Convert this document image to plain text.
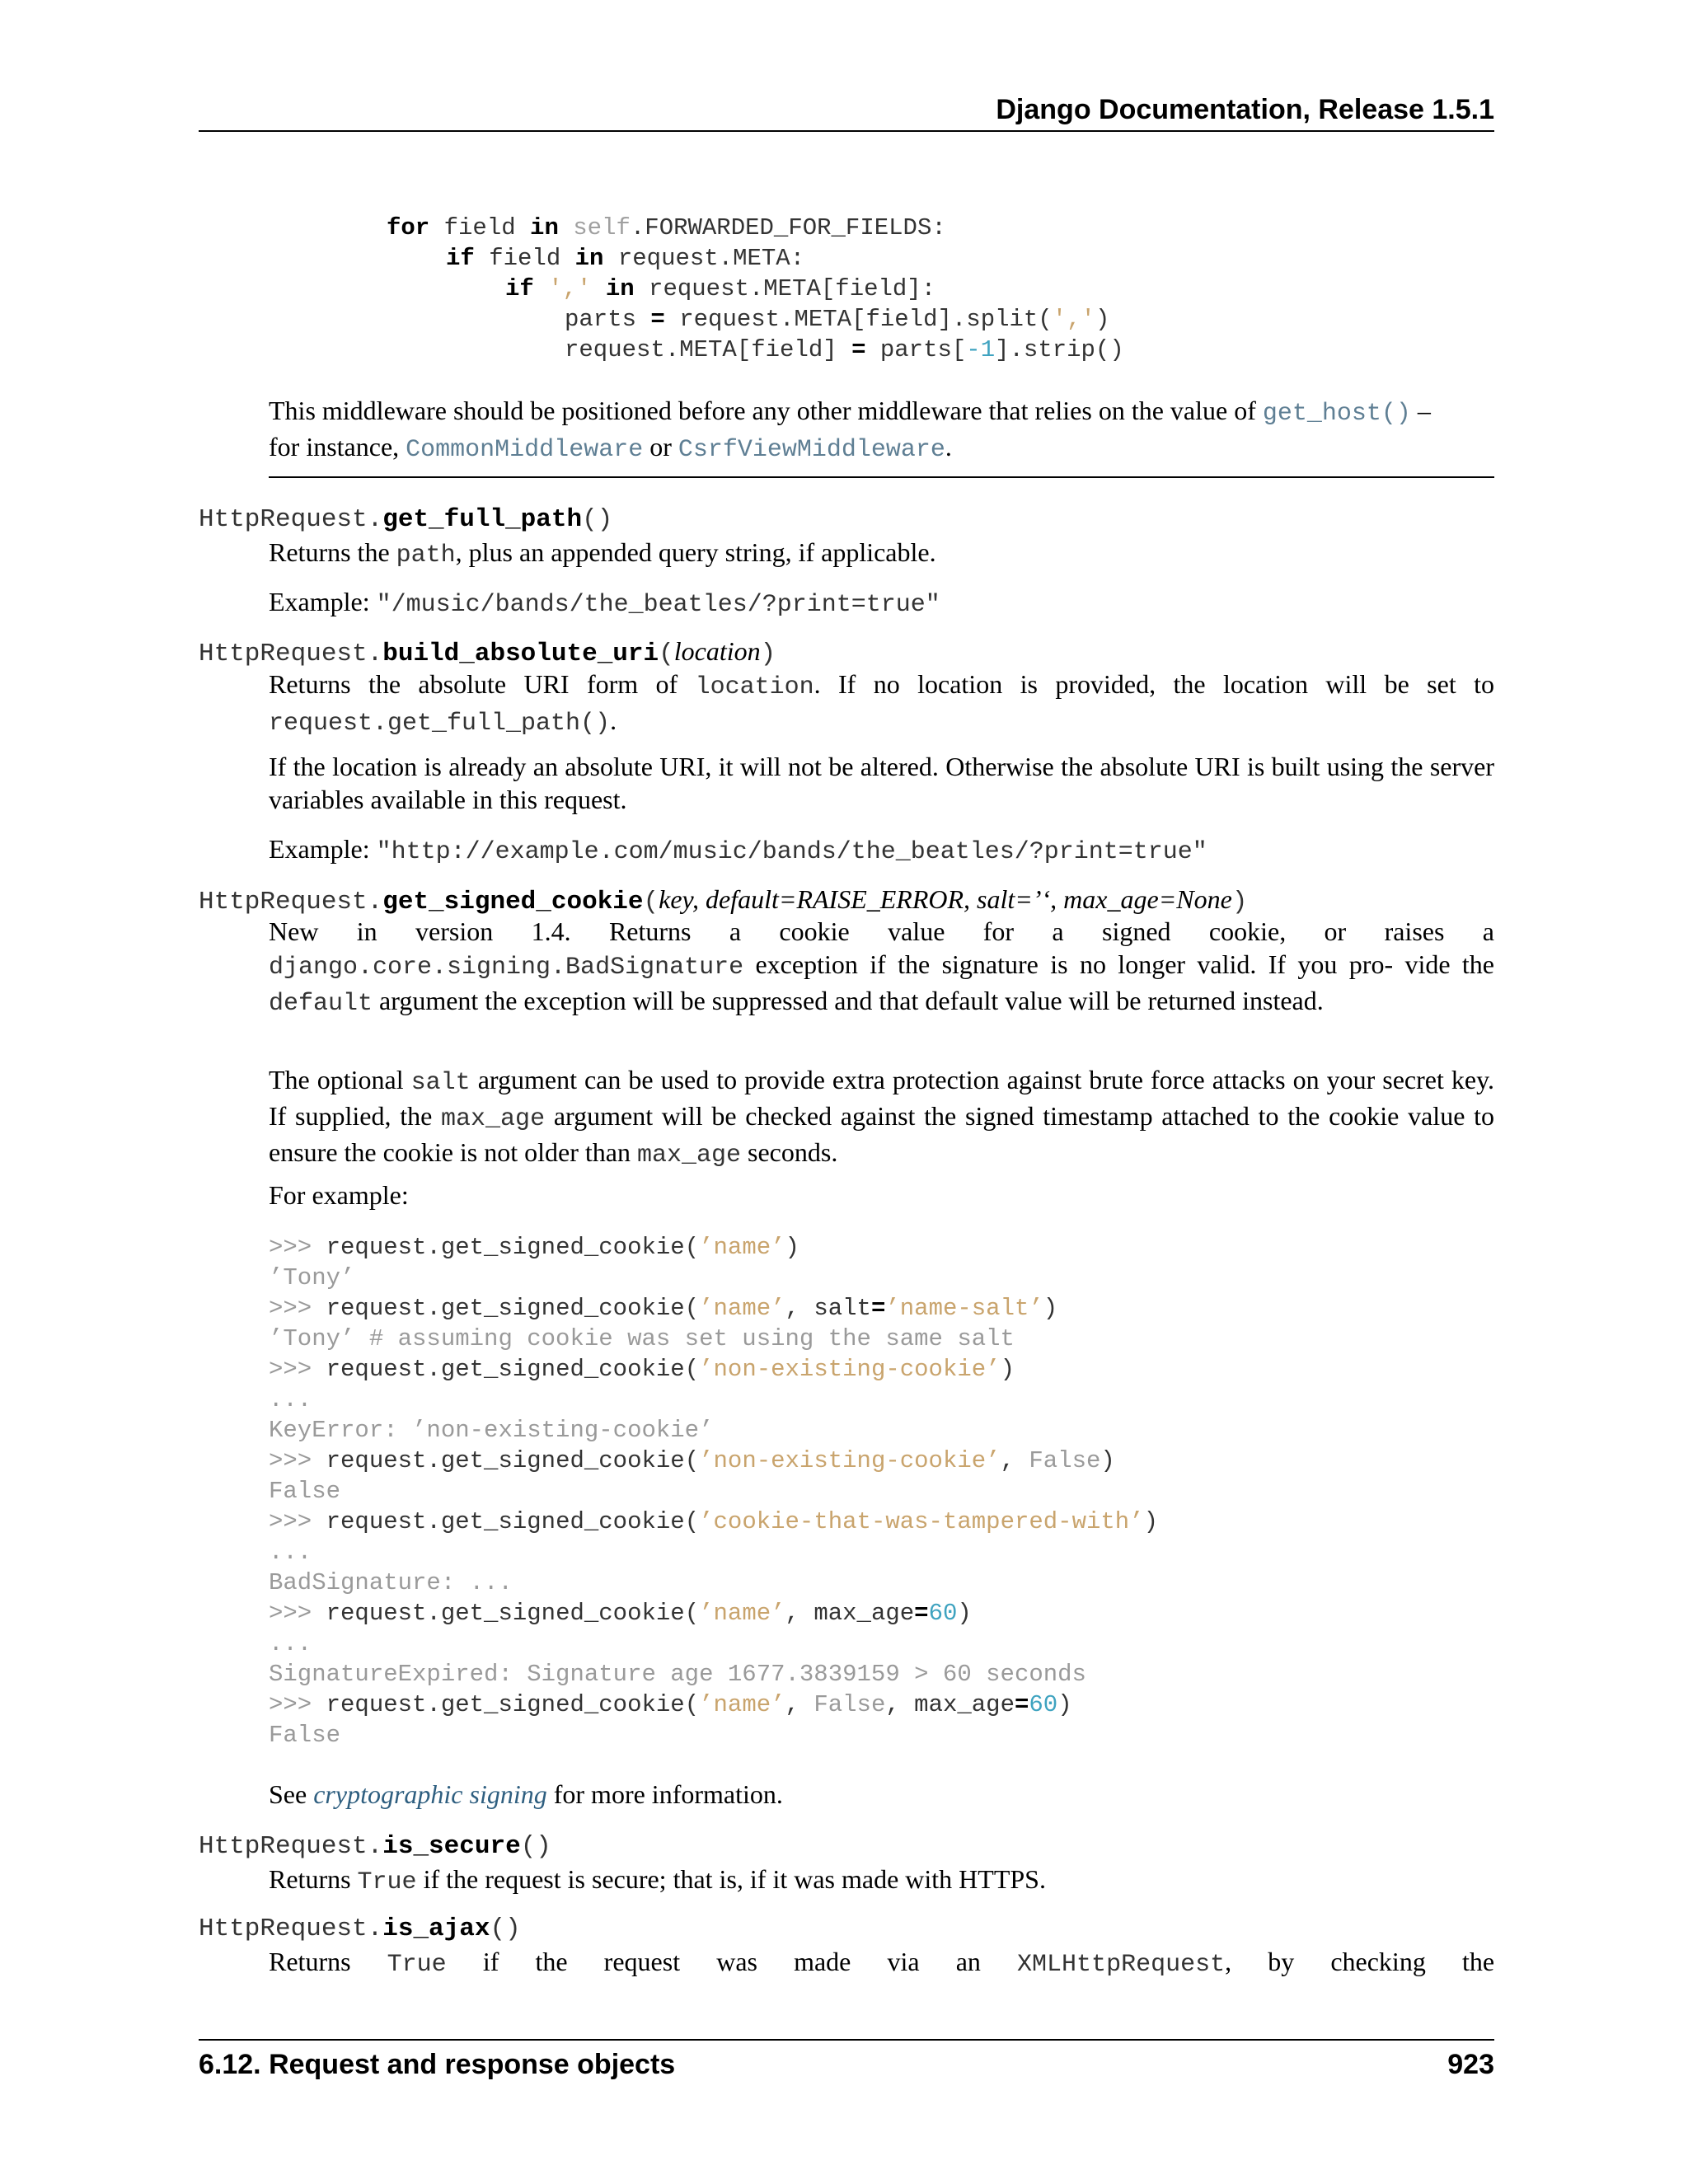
Django Documentation, Release 1.5.1
for field in self.FORWARDED_FOR_FIELDS:
if field in request.META:
if ',' in request.META[field]:
parts = request.META[field].split(',')
request.META[field] = parts[-1].strip()
This middleware should be positioned before any other middleware that relies on the value of get_host() –
for instance, CommonMiddleware or CsrfViewMiddleware.
HttpRequest.get_full_path()
Returns the path, plus an appended query string, if applicable.
Example: "/music/bands/the_beatles/?print=true"
HttpRequest.build_absolute_uri(location)
Returns the absolute URI form of location. If no location is provided, the location will be set to request.get_full_path().
If the location is already an absolute URI, it will not be altered. Otherwise the absolute URI is built using the server variables available in this request.
Example: "http://example.com/music/bands/the_beatles/?print=true"
HttpRequest.get_signed_cookie(key, default=RAISE_ERROR, salt=’‘, max_age=None)
New in version 1.4. Returns a cookie value for a signed cookie, or raises a django.core.signing.BadSignature exception if the signature is no longer valid. If you pro- vide the default argument the exception will be suppressed and that default value will be returned instead.
The optional salt argument can be used to provide extra protection against brute force attacks on your secret key. If supplied, the max_age argument will be checked against the signed timestamp attached to the cookie value to ensure the cookie is not older than max_age seconds.
For example:
>>> request.get_signed_cookie(’name’)
’Tony’
>>> request.get_signed_cookie(’name’, salt=’name-salt’)
’Tony’ # assuming cookie was set using the same salt
>>> request.get_signed_cookie(’non-existing-cookie’)
...
KeyError: ’non-existing-cookie’
>>> request.get_signed_cookie(’non-existing-cookie’, False)
False
>>> request.get_signed_cookie(’cookie-that-was-tampered-with’)
...
BadSignature: ...
>>> request.get_signed_cookie(’name’, max_age=60)
...
SignatureExpired: Signature age 1677.3839159 > 60 seconds
>>> request.get_signed_cookie(’name’, False, max_age=60)
False
See cryptographic signing for more information.
HttpRequest.is_secure()
Returns True if the request is secure; that is, if it was made with HTTPS.
HttpRequest.is_ajax()
Returns True if the request was made via an XMLHttpRequest, by checking the
6.12. Request and response objects	923
